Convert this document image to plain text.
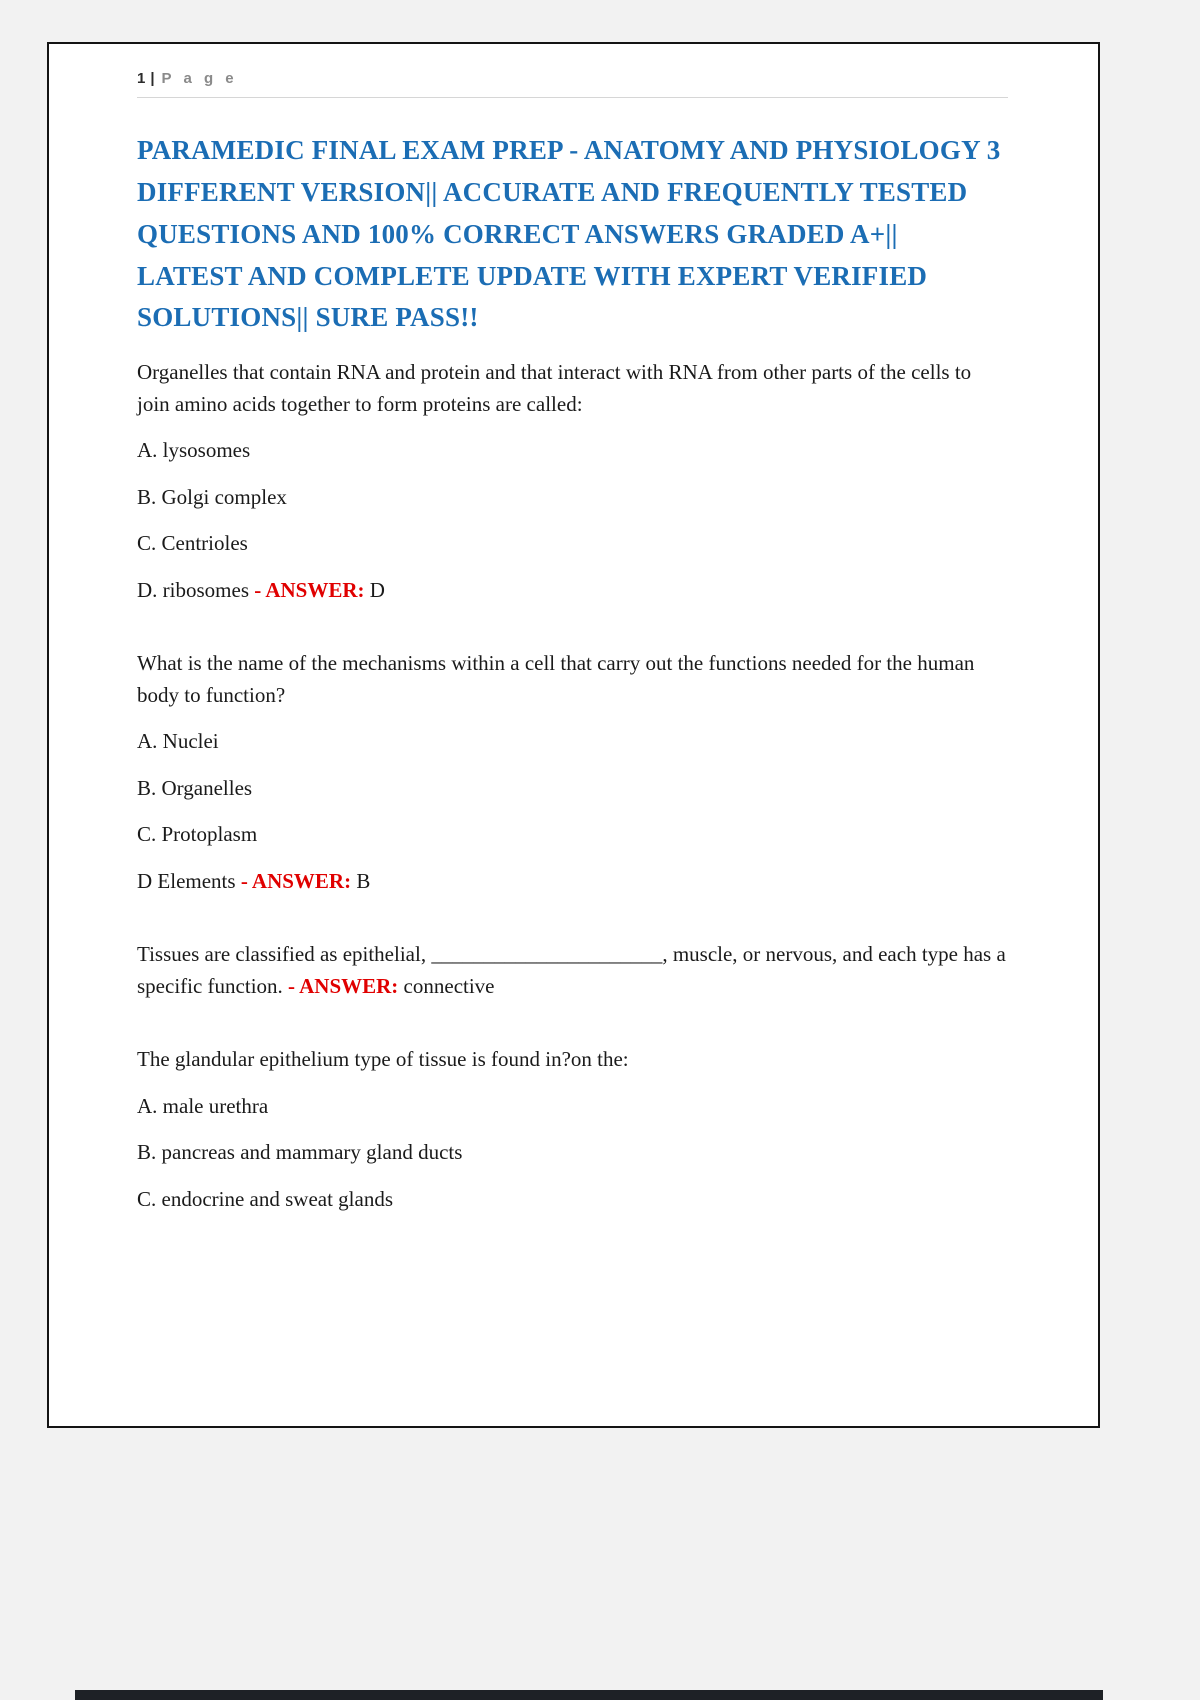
1 | P a g e
PARAMEDIC FINAL EXAM PREP - ANATOMY AND PHYSIOLOGY 3 DIFFERENT VERSION|| ACCURATE AND FREQUENTLY TESTED QUESTIONS AND 100% CORRECT ANSWERS GRADED A+|| LATEST AND COMPLETE UPDATE WITH EXPERT VERIFIED SOLUTIONS|| SURE PASS!!

Organelles that contain RNA and protein and that interact with RNA from other parts of the cells to join amino acids together to form proteins are called:

A. lysosomes

B. Golgi complex

C. Centrioles

D. ribosomes - ANSWER: D

What is the name of the mechanisms within a cell that carry out the functions needed for the human body to function?

A. Nuclei

B. Organelles

C. Protoplasm

D Elements - ANSWER: B

Tissues are classified as epithelial, ______________________, muscle, or nervous, and each type has a specific function. - ANSWER: connective

The glandular epithelium type of tissue is found in?on the:

A. male urethra

B. pancreas and mammary gland ducts

C. endocrine and sweat glands
